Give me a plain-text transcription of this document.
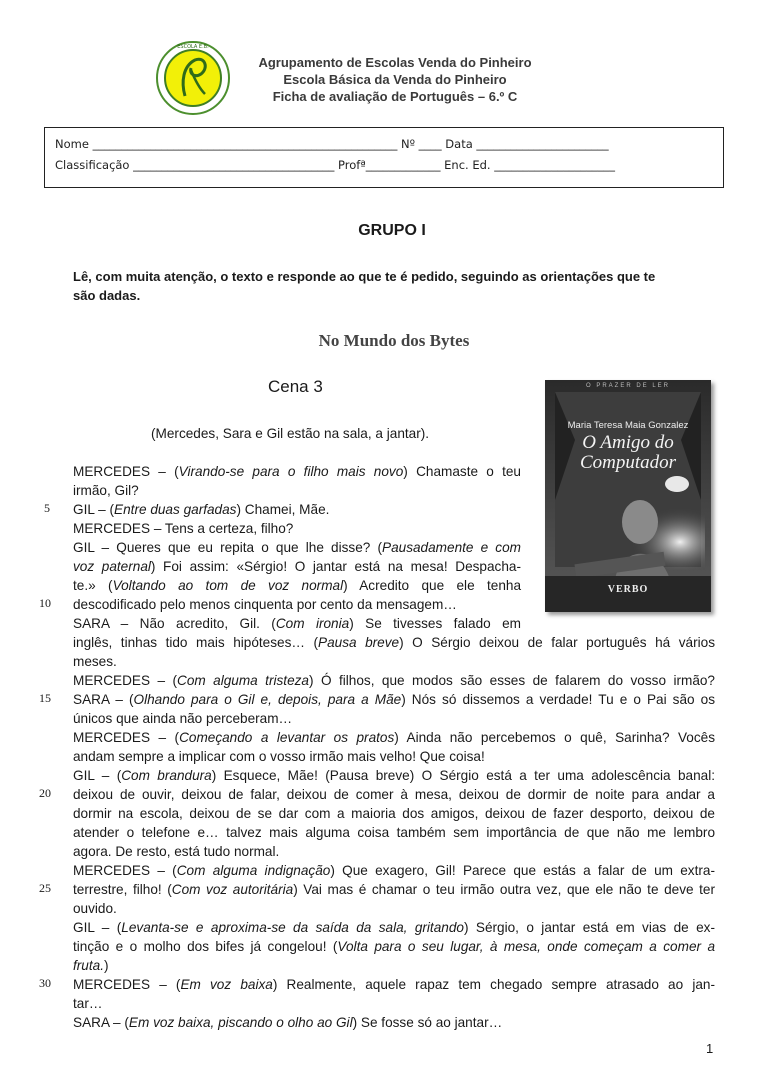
ESCOLA E.B.
Agrupamento de Escolas Venda do Pinheiro
Escola Básica da Venda do Pinheiro
Ficha de avaliação de Português – 6.º C
Nome _____________________________________________________ Nº ____ Data _______________________
Classificação ___________________________________ Profª_____________ Enc. Ed. _____________________
GRUPO I
Lê, com muita atenção, o texto e responde ao que te é pedido, seguindo as orientações que te
são dadas.
No Mundo dos Bytes
Cena 3
(Mercedes, Sara e Gil estão na sala, a jantar).
O PRAZER DE LER
Maria Teresa Maia Gonzalez
O Amigo do
Computador
VERBO
MERCEDES – (Virando-se para o filho mais novo) Chamaste o teu
irmão, Gil?
GIL – (Entre duas garfadas) Chamei, Mãe.
MERCEDES – Tens a certeza, filho?
GIL – Queres que eu repita o que lhe disse? (Pausadamente e com
voz paternal) Foi assim: «Sérgio! O jantar está na mesa! Despacha-
te.» (Voltando ao tom de voz normal) Acredito que ele tenha
descodificado pelo menos cinquenta por cento da mensagem…
SARA – Não acredito, Gil. (Com ironia) Se tivesses falado em
inglês, tinhas tido mais hipóteses… (Pausa breve) O Sérgio deixou de falar português há vários
meses.
MERCEDES – (Com alguma tristeza) Ó filhos, que modos são esses de falarem do vosso irmão?
SARA – (Olhando para o Gil e, depois, para a Mãe) Nós só dissemos a verdade! Tu e o Pai são os
únicos que ainda não perceberam…
MERCEDES – (Começando a levantar os pratos) Ainda não percebemos o quê, Sarinha? Vocês
andam sempre a implicar com o vosso irmão mais velho! Que coisa!
GIL – (Com brandura) Esquece, Mãe! (Pausa breve) O Sérgio está a ter uma adolescência banal:
deixou de ouvir, deixou de falar, deixou de comer à mesa, deixou de dormir de noite para andar a
dormir na escola, deixou de se dar com a maioria dos amigos, deixou de fazer desporto, deixou de
atender o telefone e… talvez mais alguma coisa também sem importância de que não me lembro
agora. De resto, está tudo normal.
MERCEDES – (Com alguma indignação) Que exagero, Gil! Parece que estás a falar de um extra-
terrestre, filho! (Com voz autoritária) Vai mas é chamar o teu irmão outra vez, que ele não te deve ter
ouvido.
GIL – (Levanta-se e aproxima-se da saída da sala, gritando) Sérgio, o jantar está em vias de ex-
tinção e o molho dos bifes já congelou! (Volta para o seu lugar, à mesa, onde começam a comer a
fruta.)
MERCEDES – (Em voz baixa) Realmente, aquele rapaz tem chegado sempre atrasado ao jan-
tar…
SARA – (Em voz baixa, piscando o olho ao Gil) Se fosse só ao jantar…
5
10
15
20
25
30
1
